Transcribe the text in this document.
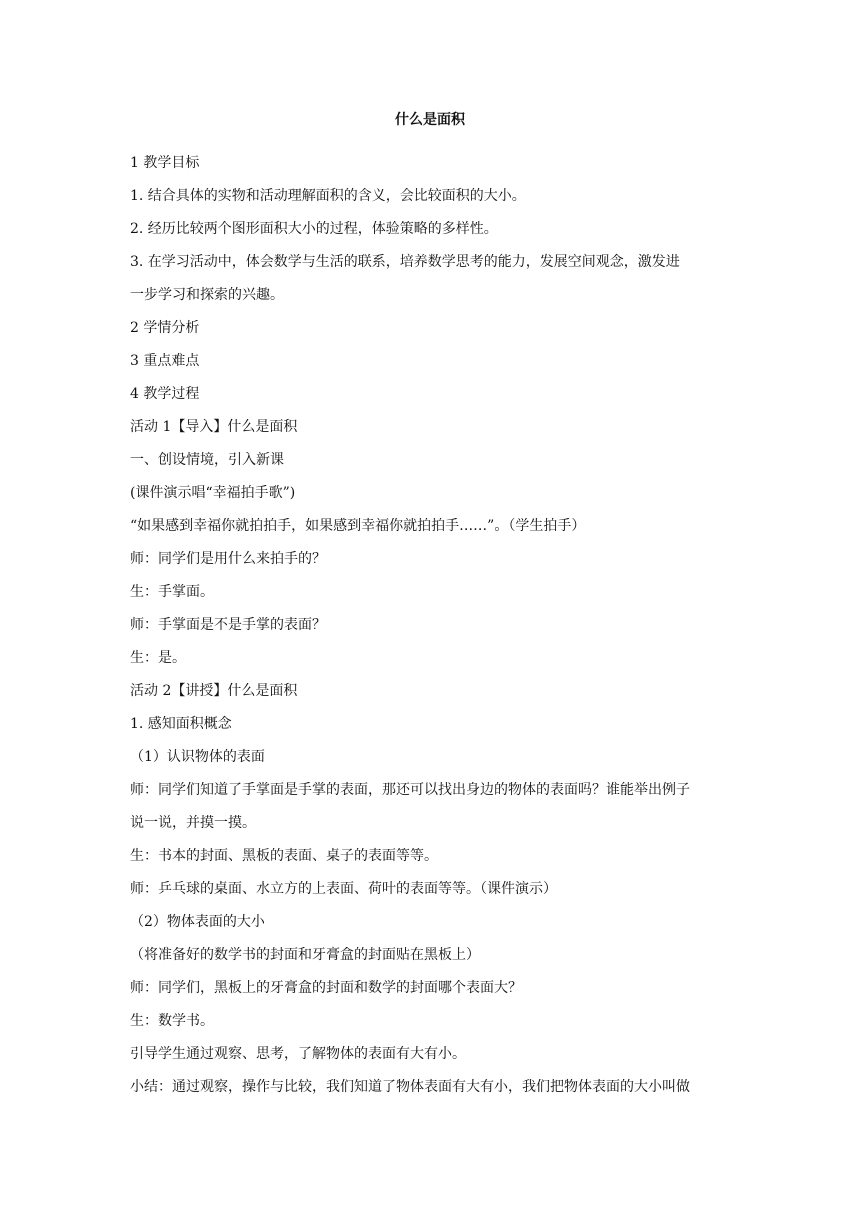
什么是面积
1 教学目标
1. 结合具体的实物和活动理解面积的含义，会比较面积的大小。
2. 经历比较两个图形面积大小的过程，体验策略的多样性。
3. 在学习活动中，体会数学与生活的联系，培养数学思考的能力，发展空间观念，激发进
一步学习和探索的兴趣。
2 学情分析
3 重点难点
4 教学过程
活动 1【导入】什么是面积
一、创设情境，引入新课
(课件演示唱“幸福拍手歌”)
“如果感到幸福你就拍拍手，如果感到幸福你就拍拍手……”。（学生拍手）
师：同学们是用什么来拍手的？
生：手掌面。
师：手掌面是不是手掌的表面？
生：是。
活动 2【讲授】什么是面积
1. 感知面积概念
（1）认识物体的表面
师：同学们知道了手掌面是手掌的表面，那还可以找出身边的物体的表面吗？谁能举出例子
说一说，并摸一摸。
生：书本的封面、黑板的表面、桌子的表面等等。
师：乒乓球的桌面、水立方的上表面、荷叶的表面等等。（课件演示）
（2）物体表面的大小
（将准备好的数学书的封面和牙膏盒的封面贴在黑板上）
师：同学们，黑板上的牙膏盒的封面和数学的封面哪个表面大？
生：数学书。
引导学生通过观察、思考，了解物体的表面有大有小。
小结：通过观察，操作与比较，我们知道了物体表面有大有小，我们把物体表面的大小叫做
